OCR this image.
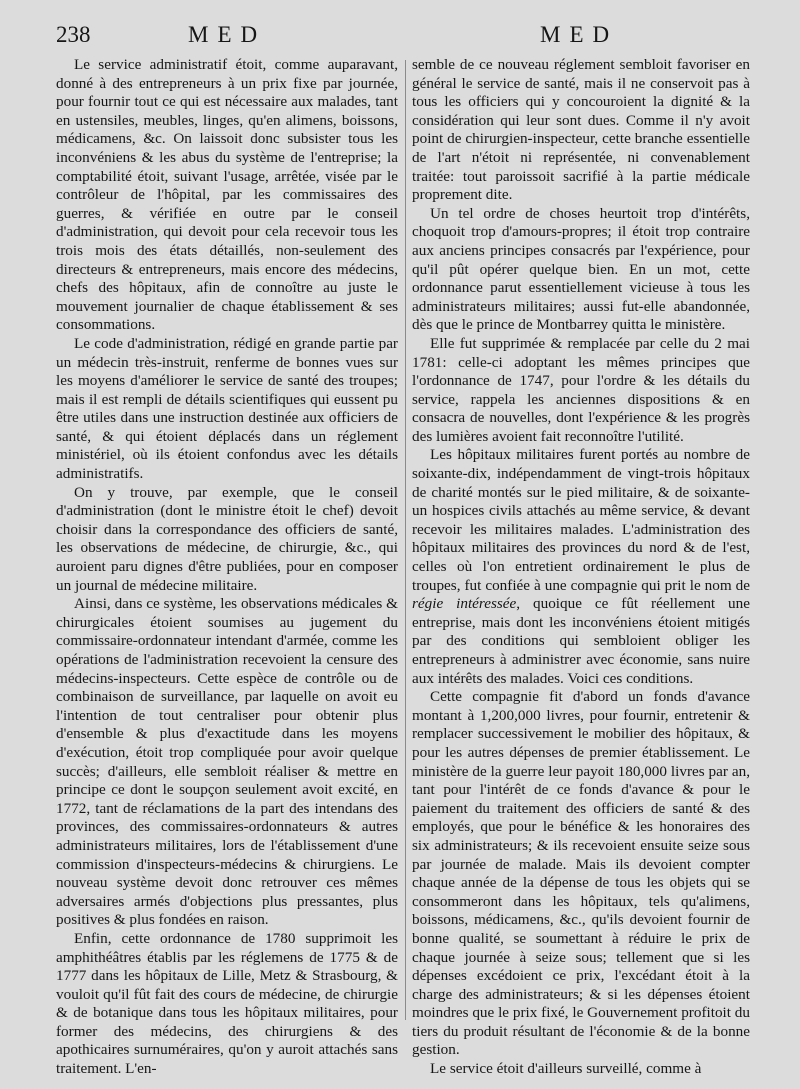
238	MED	MED

Le service administratif étoit, comme auparavant, donné à des entrepreneurs à un prix fixe par journée, pour fournir tout ce qui est nécessaire aux malades, tant en ustensiles, meubles, linges, qu'en alimens, boissons, médicamens, &c. On laissoit donc subsister tous les inconvéniens & les abus du système de l'entreprise; la comptabilité étoit, suivant l'usage, arrêtée, visée par le contrôleur de l'hôpital, par les commissaires des guerres, & vérifiée en outre par le conseil d'administration, qui devoit pour cela recevoir tous les trois mois des états détaillés, non-seulement des directeurs & entrepreneurs, mais encore des médecins, chefs des hôpitaux, afin de connoître au juste le mouvement journalier de chaque établissement & ses consommations.

Le code d'administration, rédigé en grande partie par un médecin très-instruit, renferme de bonnes vues sur les moyens d'améliorer le service de santé des troupes; mais il est rempli de détails scientifiques qui eussent pu être utiles dans une instruction destinée aux officiers de santé, & qui étoient déplacés dans un réglement ministériel, où ils étoient confondus avec les détails administratifs.

On y trouve, par exemple, que le conseil d'administration (dont le ministre étoit le chef) devoit choisir dans la correspondance des officiers de santé, les observations de médecine, de chirurgie, &c., qui auroient paru dignes d'être publiées, pour en composer un journal de médecine militaire.

Ainsi, dans ce système, les observations médicales & chirurgicales étoient soumises au jugement du commissaire-ordonnateur intendant d'armée, comme les opérations de l'administration recevoient la censure des médecins-inspecteurs. Cette espèce de contrôle ou de combinaison de surveillance, par laquelle on avoit eu l'intention de tout centraliser pour obtenir plus d'ensemble & plus d'exactitude dans les moyens d'exécution, étoit trop compliquée pour avoir quelque succès; d'ailleurs, elle sembloit réaliser & mettre en principe ce dont le soupçon seulement avoit excité, en 1772, tant de réclamations de la part des intendans des provinces, des commissaires-ordonnateurs & autres administrateurs militaires, lors de l'établissement d'une commission d'inspecteurs-médecins & chirurgiens. Le nouveau système devoit donc retrouver ces mêmes adversaires armés d'objections plus pressantes, plus positives & plus fondées en raison.

Enfin, cette ordonnance de 1780 supprimoit les amphithéâtres établis par les réglemens de 1775 & de 1777 dans les hôpitaux de Lille, Metz & Strasbourg, & vouloit qu'il fût fait des cours de médecine, de chirurgie & de botanique dans tous les hôpitaux militaires, pour former des médecins, des chirurgiens & des apothicaires surnuméraires, qu'on y auroit attachés sans traitement. L'en-

semble de ce nouveau réglement sembloit favoriser en général le service de santé, mais il ne conservoit pas à tous les officiers qui y concouroient la dignité & la considération qui leur sont dues. Comme il n'y avoit point de chirurgien-inspecteur, cette branche essentielle de l'art n'étoit ni représentée, ni convenablement traitée: tout paroissoit sacrifié à la partie médicale proprement dite.

Un tel ordre de choses heurtoit trop d'intérêts, choquoit trop d'amours-propres; il étoit trop contraire aux anciens principes consacrés par l'expérience, pour qu'il pût opérer quelque bien. En un mot, cette ordonnance parut essentiellement vicieuse à tous les administrateurs militaires; aussi fut-elle abandonnée, dès que le prince de Montbarrey quitta le ministère.

Elle fut supprimée & remplacée par celle du 2 mai 1781: celle-ci adoptant les mêmes principes que l'ordonnance de 1747, pour l'ordre & les détails du service, rappela les anciennes dispositions & en consacra de nouvelles, dont l'expérience & les progrès des lumières avoient fait reconnoître l'utilité.

Les hôpitaux militaires furent portés au nombre de soixante-dix, indépendamment de vingt-trois hôpitaux de charité montés sur le pied militaire, & de soixante-un hospices civils attachés au même service, & devant recevoir les militaires malades. L'administration des hôpitaux militaires des provinces du nord & de l'est, celles où l'on entretient ordinairement le plus de troupes, fut confiée à une compagnie qui prit le nom de régie intéressée, quoique ce fût réellement une entreprise, mais dont les inconvéniens étoient mitigés par des conditions qui sembloient obliger les entrepreneurs à administrer avec économie, sans nuire aux intérêts des malades. Voici ces conditions.

Cette compagnie fit d'abord un fonds d'avance montant à 1,200,000 livres, pour fournir, entretenir & remplacer successivement le mobilier des hôpitaux, & pour les autres dépenses de premier établissement. Le ministère de la guerre leur payoit 180,000 livres par an, tant pour l'intérêt de ce fonds d'avance & pour le paiement du traitement des officiers de santé & des employés, que pour le bénéfice & les honoraires des six administrateurs; & ils recevoient ensuite seize sous par journée de malade. Mais ils devoient compter chaque année de la dépense de tous les objets qui se consommeront dans les hôpitaux, tels qu'alimens, boissons, médicamens, &c., qu'ils devoient fournir de bonne qualité, se soumettant à réduire le prix de chaque journée à seize sous; tellement que si les dépenses excédoient ce prix, l'excédant étoit à la charge des administrateurs; & si les dépenses étoient moindres que le prix fixé, le Gouvernement profitoit du tiers du produit résultant de l'économie & de la bonne gestion.

Le service étoit d'ailleurs surveillé, comme à
